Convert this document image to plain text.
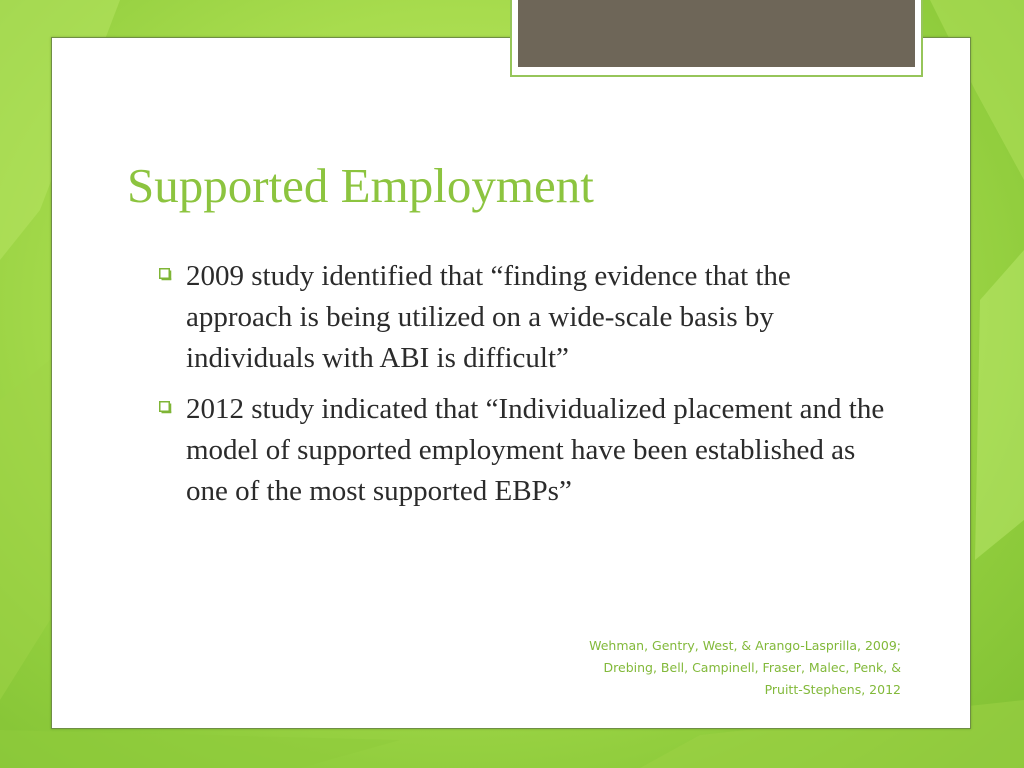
Supported Employment
2009 study identified that “finding evidence that the approach is being utilized on a wide-scale basis by individuals with ABI is difficult”
2012 study indicated that “Individualized placement and the model of supported employment have been established as one of the most supported EBPs”
Wehman, Gentry, West, & Arango-Lasprilla, 2009;
Drebing, Bell, Campinell, Fraser, Malec, Penk, &
Pruitt-Stephens, 2012
